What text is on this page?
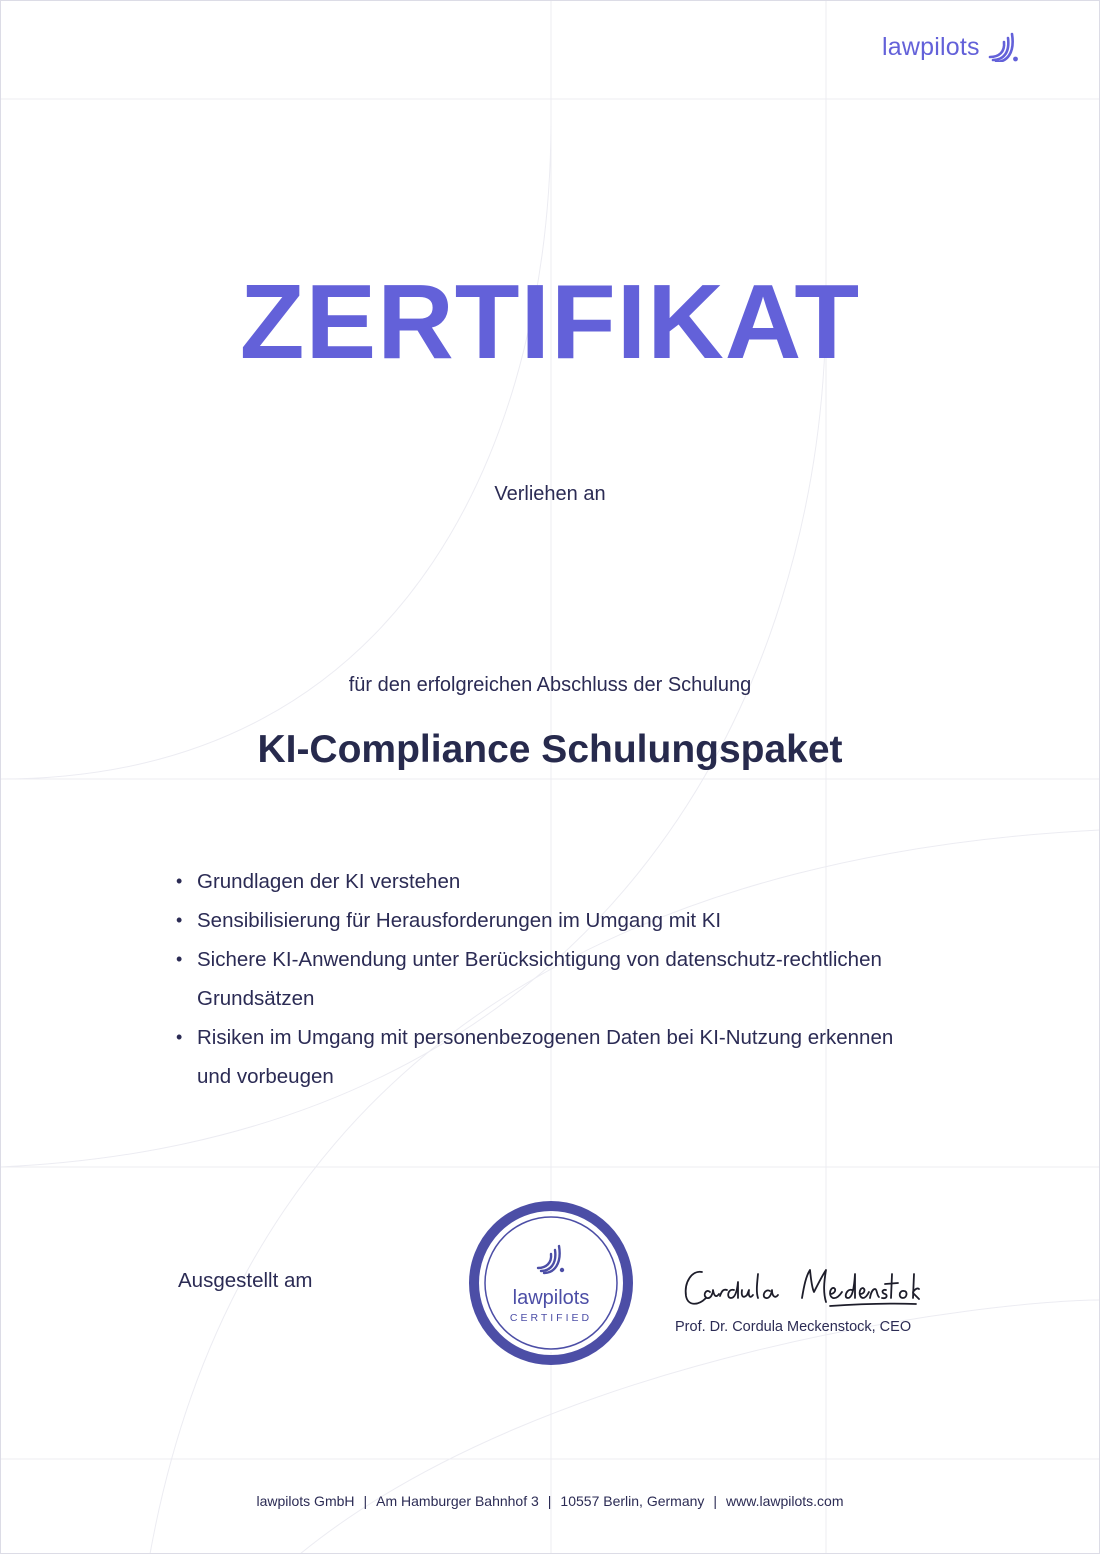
lawpilots
ZERTIFIKAT
Verliehen an
für den erfolgreichen Abschluss der Schulung
KI-Compliance Schulungspaket
• Grundlagen der KI verstehen
• Sensibilisierung für Herausforderungen im Umgang mit KI
• Sichere KI-Anwendung unter Berücksichtigung von datenschutz-rechtlichen Grundsätzen
• Risiken im Umgang mit personenbezogenen Daten bei KI-Nutzung erkennen und vorbeugen
Ausgestellt am
lawpilots
CERTIFIED
Prof. Dr. Cordula Meckenstock, CEO
lawpilots GmbH | Am Hamburger Bahnhof 3 | 10557 Berlin, Germany | www.lawpilots.com
